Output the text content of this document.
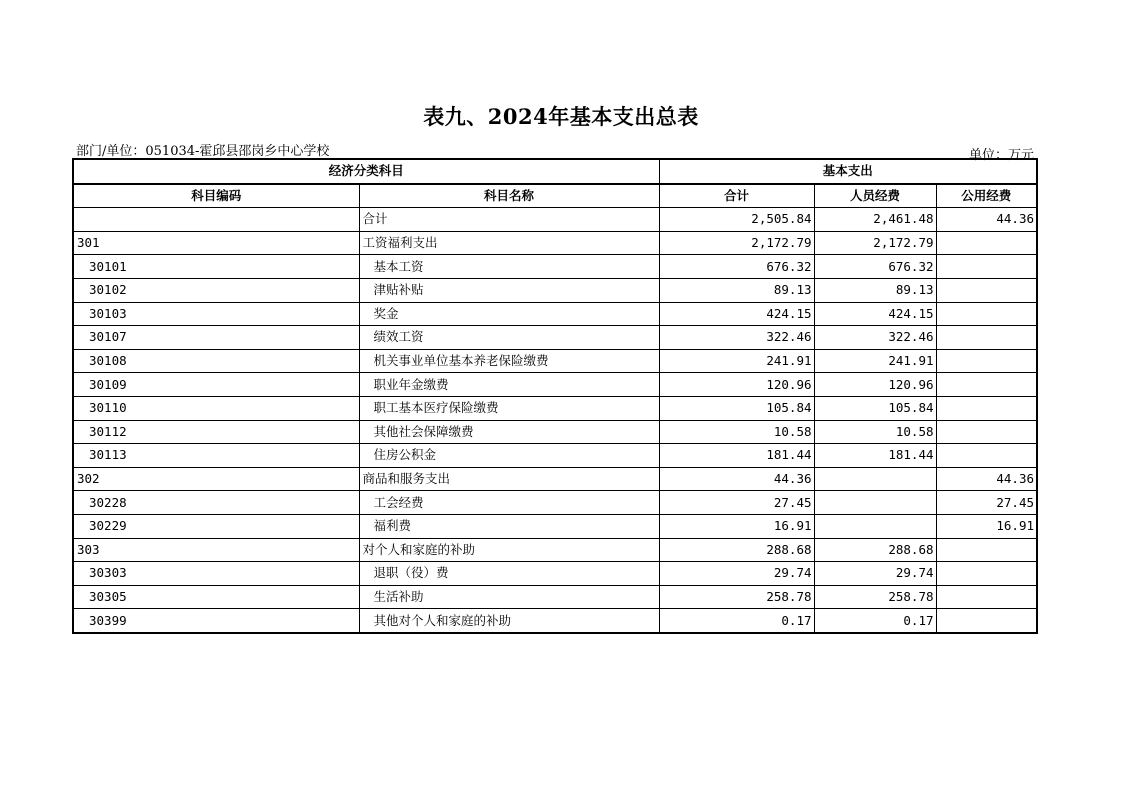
表九、2024年基本支出总表
部门/单位：051034-霍邱县邵岗乡中心学校	单位：万元
经济分类科目		基本支出		
科目编码	科目名称	合计	人员经费	公用经费
	合计	2,505.84	2,461.48	44.36
301	工资福利支出	2,172.79	2,172.79	
30101	基本工资	676.32	676.32	
30102	津贴补贴	89.13	89.13	
30103	奖金	424.15	424.15	
30107	绩效工资	322.46	322.46	
30108	机关事业单位基本养老保险缴费	241.91	241.91	
30109	职业年金缴费	120.96	120.96	
30110	职工基本医疗保险缴费	105.84	105.84	
30112	其他社会保障缴费	10.58	10.58	
30113	住房公积金	181.44	181.44	
302	商品和服务支出	44.36		44.36
30228	工会经费	27.45		27.45
30229	福利费	16.91		16.91
303	对个人和家庭的补助	288.68	288.68	
30303	退职（役）费	29.74	29.74	
30305	生活补助	258.78	258.78	
30399	其他对个人和家庭的补助	0.17	0.17	
